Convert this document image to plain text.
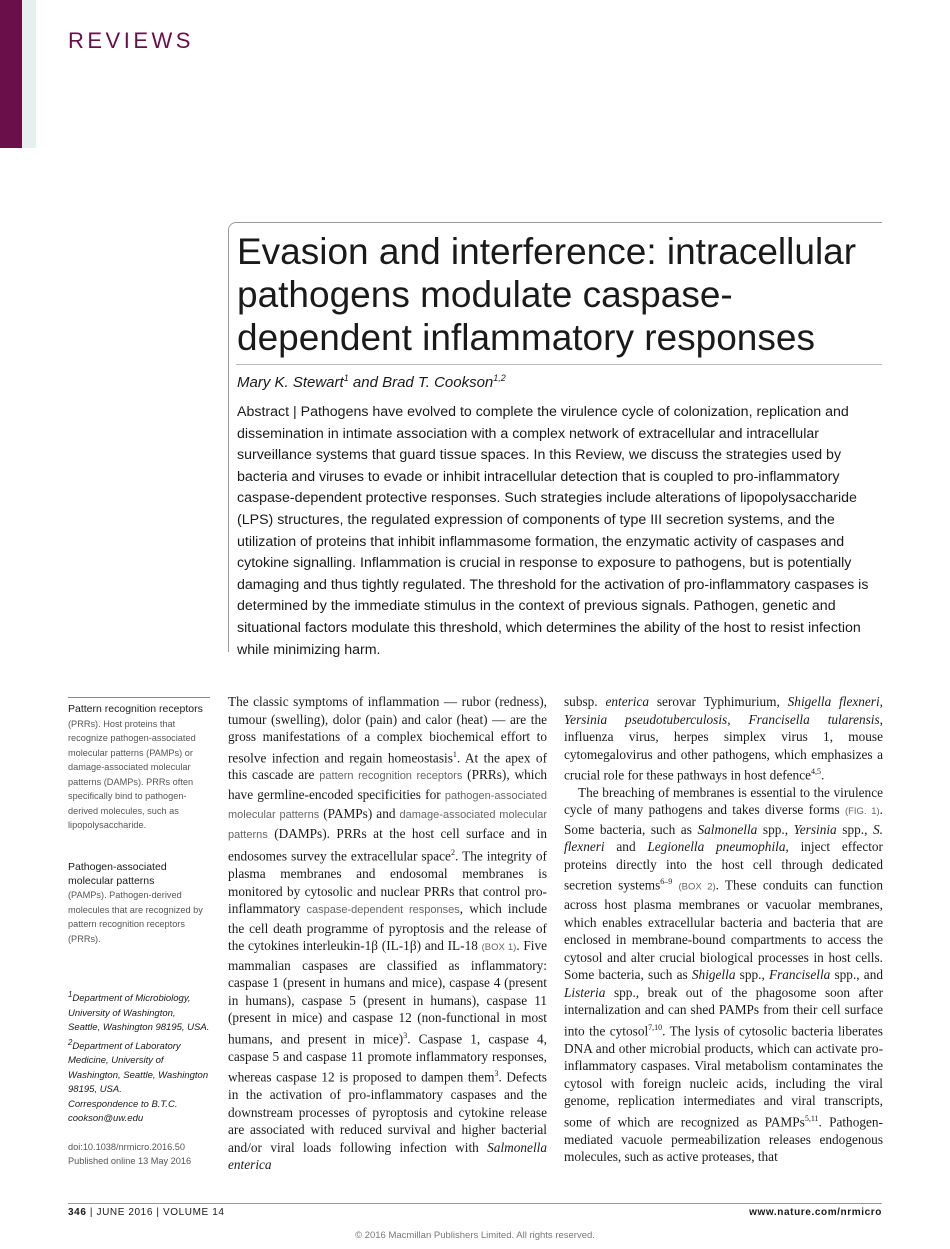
REVIEWS
Evasion and interference: intracellular pathogens modulate caspase-dependent inflammatory responses
Mary K. Stewart$^1$ and Brad T. Cookson$^{1,2}$

Abstract | Pathogens have evolved to complete the virulence cycle of colonization, replication and dissemination in intimate association with a complex network of extracellular and intracellular surveillance systems that guard tissue spaces. In this Review, we discuss the strategies used by bacteria and viruses to evade or inhibit intracellular detection that is coupled to pro-inflammatory caspase-dependent protective responses. Such strategies include alterations of lipopolysaccharide (LPS) structures, the regulated expression of components of type III secretion systems, and the utilization of proteins that inhibit inflammasome formation, the enzymatic activity of caspases and cytokine signalling. Inflammation is crucial in response to exposure to pathogens, but is potentially damaging and thus tightly regulated. The threshold for the activation of pro-inflammatory caspases is determined by the immediate stimulus in the context of previous signals. Pathogen, genetic and situational factors modulate this threshold, which determines the ability of the host to resist infection while minimizing harm.

Pattern recognition receptors
(PRRs). Host proteins that recognize pathogen-associated molecular patterns (PAMPs) or damage-associated molecular patterns (DAMPs). PRRs often specifically bind to pathogen-derived molecules, such as lipopolysaccharide.
Pathogen-associated molecular patterns
(PAMPs). Pathogen-derived molecules that are recognized by pattern recognition receptors (PRRs).
$^1$Department of Microbiology, University of Washington, Seattle, Washington 98195, USA.
$^2$Department of Laboratory Medicine, University of Washington, Seattle, Washington 98195, USA.
Correspondence to B.T.C.
cookson@uw.edu
doi:10.1038/nrmicro.2016.50
Published online 13 May 2016

The classic symptoms of inflammation — rubor (redness), tumour (swelling), dolor (pain) and calor (heat) — are the gross manifestations of a complex biochemical effort to resolve infection and regain homeostasis$^1$. At the apex of this cascade are pattern recognition receptors (PRRs), which have germline-encoded specificities for pathogen-associated molecular patterns (PAMPs) and damage-associated molecular patterns (DAMPs). PRRs at the host cell surface and in endosomes survey the extracellular space$^2$. The integrity of plasma membranes and endosomal membranes is monitored by cytosolic and nuclear PRRs that control pro-inflammatory caspase-dependent responses, which include the cell death programme of pyroptosis and the release of the cytokines interleukin-1β (IL-1β) and IL-18 (BOX 1). Five mammalian caspases are classified as inflammatory: caspase 1 (present in humans and mice), caspase 4 (present in humans), caspase 5 (present in humans), caspase 11 (present in mice) and caspase 12 (non-functional in most humans, and present in mice)$^3$. Caspase 1, caspase 4, caspase 5 and caspase 11 promote inflammatory responses, whereas caspase 12 is proposed to dampen them$^3$. Defects in the activation of pro-inflammatory caspases and the downstream processes of pyroptosis and cytokine release are associated with reduced survival and higher bacterial and/or viral loads following infection with Salmonella enterica

subsp. enterica serovar Typhimurium, Shigella flexneri, Yersinia pseudotuberculosis, Francisella tularensis, influenza virus, herpes simplex virus 1, mouse cytomegalovirus and other pathogens, which emphasizes a crucial role for these pathways in host defence$^{4,5}$.

The breaching of membranes is essential to the virulence cycle of many pathogens and takes diverse forms (FIG. 1). Some bacteria, such as Salmonella spp., Yersinia spp., S. flexneri and Legionella pneumophila, inject effector proteins directly into the host cell through dedicated secretion systems$^{6-9}$ (BOX 2). These conduits can function across host plasma membranes or vacuolar membranes, which enables extracellular bacteria and bacteria that are enclosed in membrane-bound compartments to access the cytosol and alter crucial biological processes in host cells. Some bacteria, such as Shigella spp., Francisella spp., and Listeria spp., break out of the phagosome soon after internalization and can shed PAMPs from their cell surface into the cytosol$^{7,10}$. The lysis of cytosolic bacteria liberates DNA and other microbial products, which can activate pro-inflammatory caspases. Viral metabolism contaminates the cytosol with foreign nucleic acids, including the viral genome, replication intermediates and viral transcripts, some of which are recognized as PAMPs$^{5,11}$. Pathogen-mediated vacuole permeabilization releases endogenous molecules, such as active proteases, that

346 | JUNE 2016 | VOLUME 14	www.nature.com/nrmicro
© 2016 Macmillan Publishers Limited. All rights reserved.
